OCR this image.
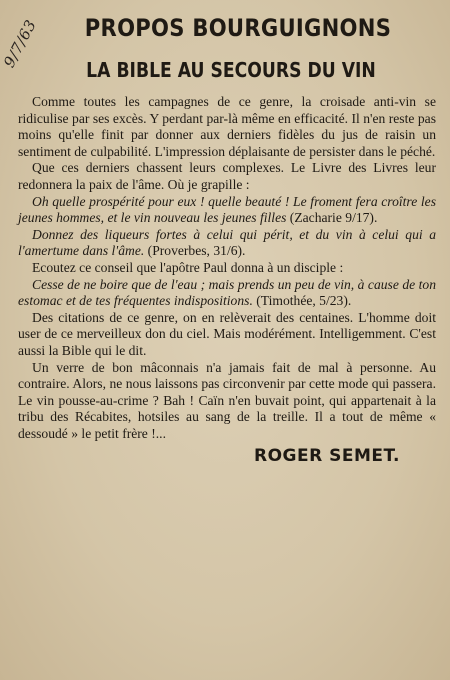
9/7/63	PROPOS BOURGUIGNONS
LA BIBLE AU SECOURS DU VIN

Comme toutes les campagnes de ce genre, la croisade anti-vin se ridiculise par ses excès. Y perdant par-là même en efficacité. Il n'en reste pas moins qu'elle finit par donner aux derniers fidèles du jus de raisin un sentiment de culpabilité. L'impression déplaisante de persister dans le péché.

Que ces derniers chassent leurs complexes. Le Livre des Livres leur redonnera la paix de l'âme. Où je grapille :

Oh quelle prospérité pour eux ! quelle beauté ! Le froment fera croître les jeunes hommes, et le vin nouveau les jeunes filles (Zacharie 9/17).

Donnez des liqueurs fortes à celui qui périt, et du vin à celui qui a l'amertume dans l'âme. (Proverbes, 31/6).

Ecoutez ce conseil que l'apôtre Paul donna à un disciple :

Cesse de ne boire que de l'eau ; mais prends un peu de vin, à cause de ton estomac et de tes fréquentes indispositions. (Timothée, 5/23).

Des citations de ce genre, on en relèverait des centaines. L'homme doit user de ce merveilleux don du ciel. Mais modérément. Intelligemment. C'est aussi la Bible qui le dit.

Un verre de bon mâconnais n'a jamais fait de mal à personne. Au contraire. Alors, ne nous laissons pas circonvenir par cette mode qui passera. Le vin pousse-au-crime ? Bah ! Caïn n'en buvait point, qui appartenait à la tribu des Récabites, hotsiles au sang de la treille. Il a tout de même « dessoudé » le petit frère !...

ROGER SEMET.
